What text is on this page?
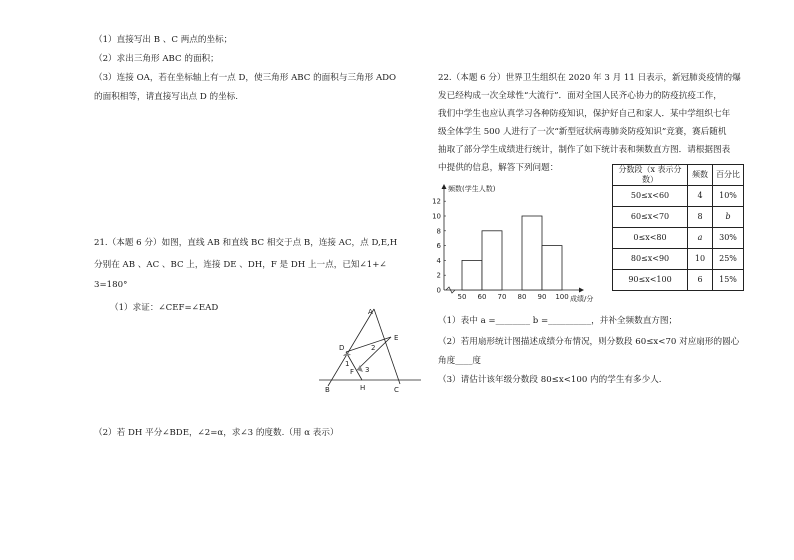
（1）直接写出 B 、C 两点的坐标；
（2）求出三角形 ABC 的面积；
（3）连接 OA，若在坐标轴上有一点 D，使三角形 ABC 的面积与三角形 ADO
的面积相等，请直接写出点 D 的坐标.
21.（本题 6 分）如图，直线 AB 和直线 BC 相交于点 B，连接 AC，点 D,E,H
分别在 AB 、AC 、BC 上，连接 DE 、DH，F 是 DH 上一点，已知∠1+∠
3=180°
（1）求证：∠CEF=∠EAD	A
B	C
D
E
F
H
1
2
3
（2）若 DH 平分∠BDE，∠2=α，求∠3 的度数.（用 α 表示）
22.（本题 6 分）世界卫生组织在 2020 年 3 月 11 日表示，新冠肺炎疫情的爆
发已经构成一次全球性“大流行”．面对全国人民齐心协力的防疫抗疫工作，
我们中学生也应认真学习各种防疫知识，保护好自己和家人．某中学组织七年
级全体学生 500 人进行了一次“新型冠状病毒肺炎防疫知识”竞赛，赛后随机
抽取了部分学生成绩进行统计，制作了如下统计表和频数直方图．请根据图表
中提供的信息，解答下列问题：
0
2
4
6
8
10
12
50 60 70 80 90 100
频数(学生人数)
成绩/分
分数段（x 表示分数）	频数	百分比
50≤x<60	4	10%
60≤x<70	8	b
0≤x<80	a	30%
80≤x<90	10	25%
90≤x<100	6	15%
（1）表中 a =________ b =__________，并补全频数直方图；
（2）若用扇形统计图描述成绩分布情况，则分数段 60≤x<70 对应扇形的圆心
角度____度
（3）请估计该年级分数段 80≤x<100 内的学生有多少人.
